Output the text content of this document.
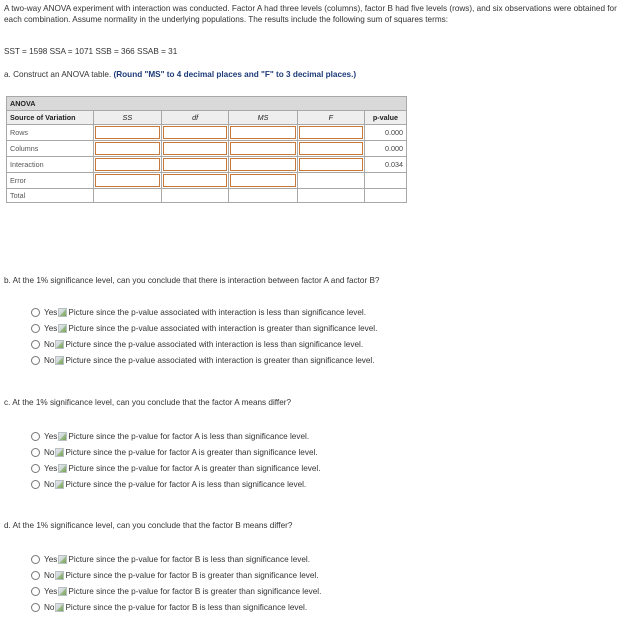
A two-way ANOVA experiment with interaction was conducted. Factor A had three levels (columns), factor B had five levels (rows), and six observations were obtained for each combination. Assume normality in the underlying populations. The results include the following sum of squares terms:
SST = 1598 SSA = 1071 SSB = 366 SSAB = 31
a. Construct an ANOVA table. (Round "MS" to 4 decimal places and "F" to 3 decimal places.)
ANOVA					
Source of Variation	SS	df	MS	F	p-value
Rows					0.000
Columns					0.000
Interaction					0.034
Error	

Total					
b. At the 1% significance level, can you conclude that there is interaction between factor A and factor B?
Yes Picture since the p-value associated with interaction is less than significance level.
Yes Picture since the p-value associated with interaction is greater than significance level.
No Picture since the p-value associated with interaction is less than significance level.
No Picture since the p-value associated with interaction is greater than significance level.
c. At the 1% significance level, can you conclude that the factor A means differ?
Yes Picture since the p-value for factor A is less than significance level.
No Picture since the p-value for factor A is greater than significance level.
Yes Picture since the p-value for factor A is greater than significance level.
No Picture since the p-value for factor A is less than significance level.
d. At the 1% significance level, can you conclude that the factor B means differ?
Yes Picture since the p-value for factor B is less than significance level.
No Picture since the p-value for factor B is greater than significance level.
Yes Picture since the p-value for factor B is greater than significance level.
No Picture since the p-value for factor B is less than significance level.
